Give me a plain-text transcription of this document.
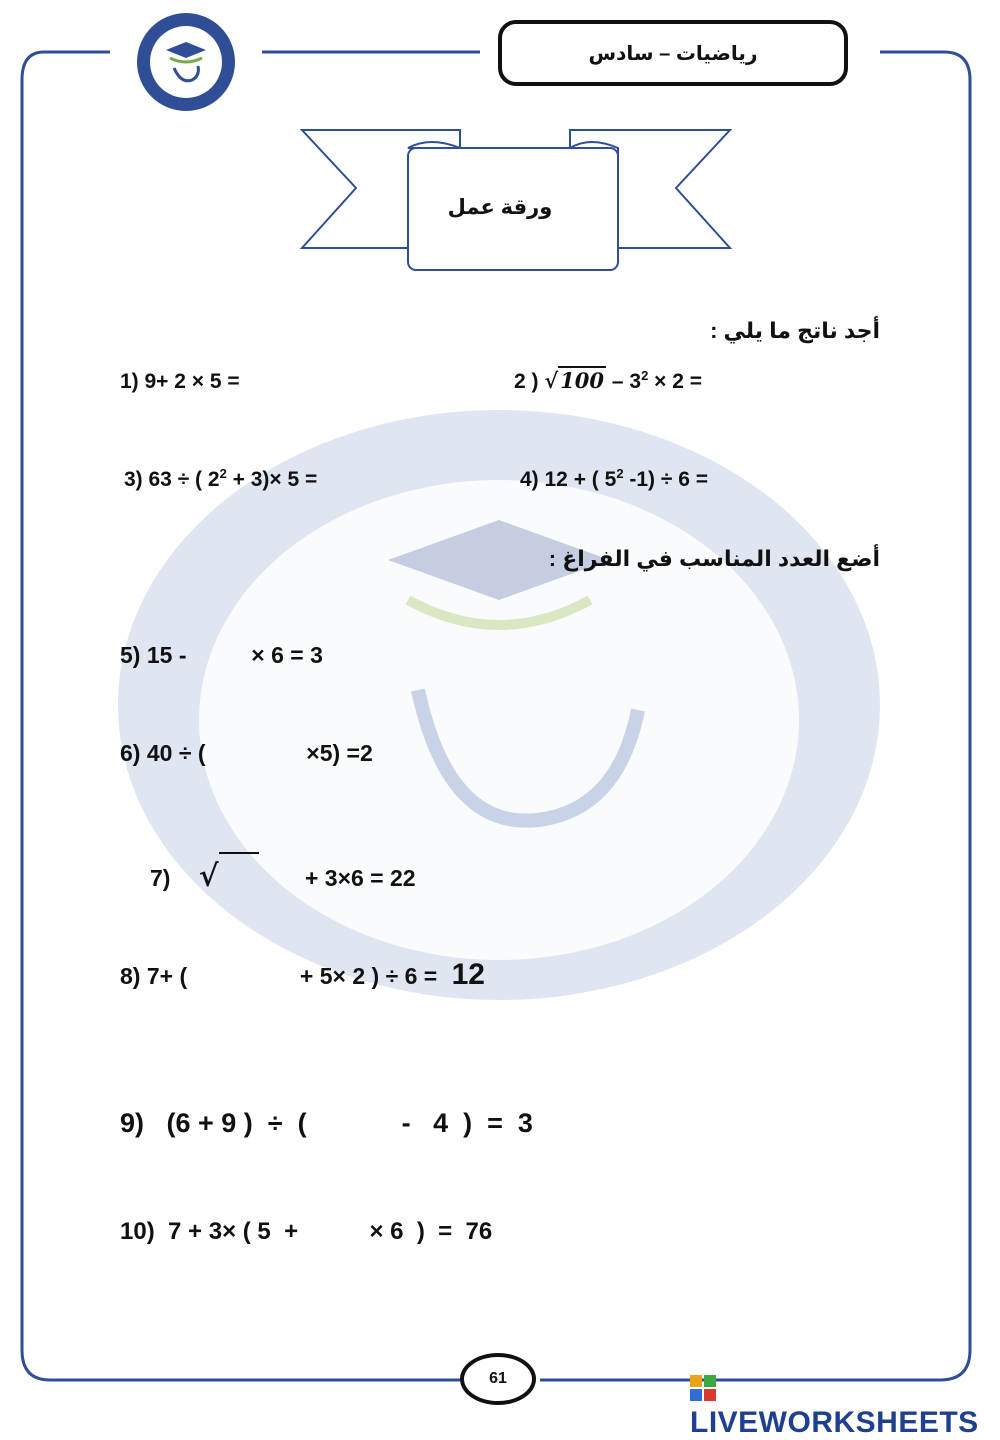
رياضيات – سادس
ورقة عمل
أجد ناتج ما يلي :
1) 9+ 2 × 5 =	2 ) $√100 - 3^2 \times 2$ =
3) 63 ÷ ( $2^2 + 3)\times 5$ =	4) 12 + ( $5^2$ -1) ÷ 6 =
أضع العدد المناسب في الفراغ :
5) 15 -	× 6 = 3
6) 40 ÷ (	×5) =2
7) √	+ 3×6 = 22
8) 7+ (	+ 5× 2 ) ÷ 6 = 12
9)   (6 + 9 )  ÷  (	-   4  )  =  3
10)  7 + 3× ( 5  +	× 6  )  =  76
61
LIVEWORKSHEETS
